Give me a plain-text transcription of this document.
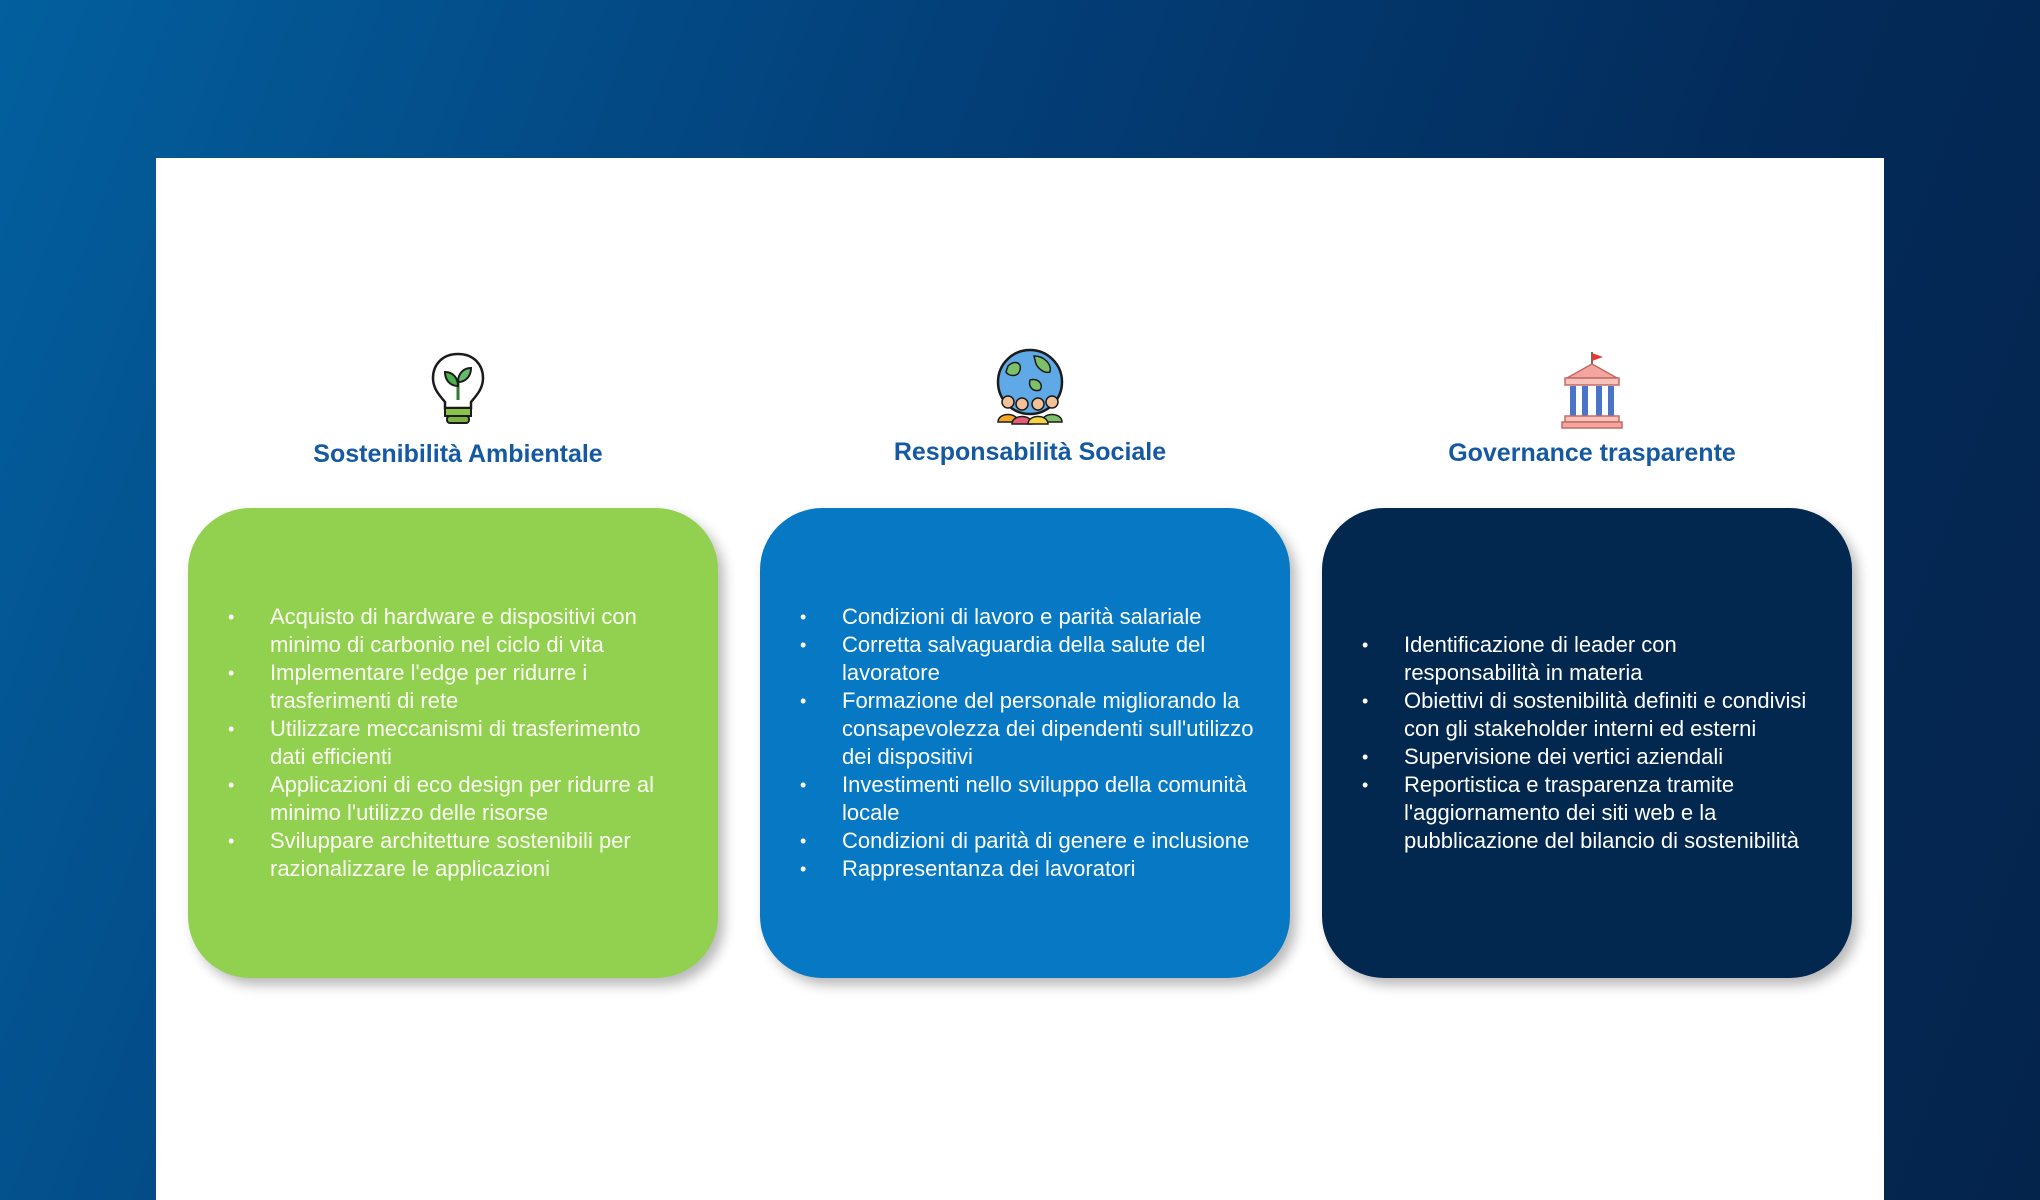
Sostenibilità Ambientale
• Acquisto di hardware e dispositivi con minimo di carbonio nel ciclo di vita
• Implementare l'edge per ridurre i trasferimenti di rete
• Utilizzare meccanismi di trasferimento dati efficienti
• Applicazioni di eco design per ridurre al minimo l'utilizzo delle risorse
• Sviluppare architetture sostenibili per razionalizzare le applicazioni
Responsabilità Sociale
• Condizioni di lavoro e parità salariale
• Corretta salvaguardia della salute del lavoratore
• Formazione del personale migliorando la consapevolezza dei dipendenti sull'utilizzo dei dispositivi
• Investimenti nello sviluppo della comunità locale
• Condizioni di parità di genere e inclusione
• Rappresentanza dei lavoratori
Governance trasparente
• Identificazione di leader con responsabilità in materia
• Obiettivi di sostenibilità definiti e condivisi con gli stakeholder interni ed esterni
• Supervisione dei vertici aziendali
• Reportistica e trasparenza tramite l'aggiornamento dei siti web e la pubblicazione del bilancio di sostenibilità
